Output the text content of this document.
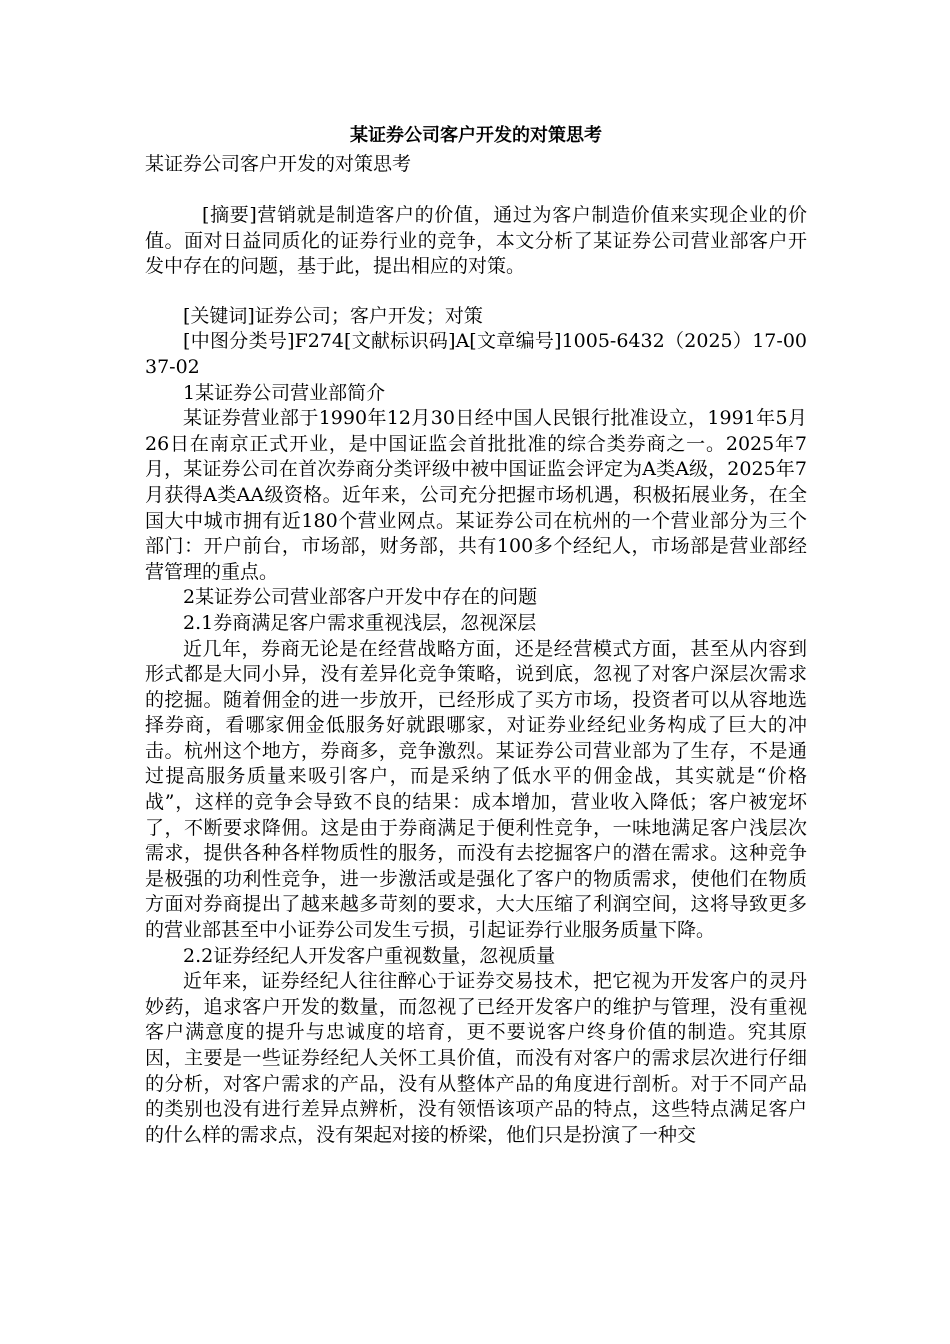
某证券公司客户开发的对策思考

某证券公司客户开发的对策思考

[摘要]营销就是制造客户的价值，通过为客户制造价值来实现企业的价值。面对日益同质化的证券行业的竞争，本文分析了某证券公司营业部客户开发中存在的问题，基于此，提出相应的对策。

[关键词]证券公司；客户开发；对策

[中图分类号]F274[文献标识码]A[文章编号]1005-6432（2025）17-0037-02

1某证券公司营业部简介

某证券营业部于1990年12月30日经中国人民银行批准设立，1991年5月26日在南京正式开业，是中国证监会首批批准的综合类券商之一。2025年7月，某证券公司在首次券商分类评级中被中国证监会评定为A类A级，2025年7月获得A类AA级资格。近年来，公司充分把握市场机遇，积极拓展业务，在全国大中城市拥有近180个营业网点。某证券公司在杭州的一个营业部分为三个部门：开户前台，市场部，财务部，共有100多个经纪人，市场部是营业部经营管理的重点。

2某证券公司营业部客户开发中存在的问题

2.1券商满足客户需求重视浅层，忽视深层

近几年，券商无论是在经营战略方面，还是经营模式方面，甚至从内容到形式都是大同小异，没有差异化竞争策略，说到底，忽视了对客户深层次需求的挖掘。随着佣金的进一步放开，已经形成了买方市场，投资者可以从容地选择券商，看哪家佣金低服务好就跟哪家，对证券业经纪业务构成了巨大的冲击。杭州这个地方，券商多，竞争激烈。某证券公司营业部为了生存，不是通过提高服务质量来吸引客户，而是采纳了低水平的佣金战，其实就是“价格战”，这样的竞争会导致不良的结果：成本增加，营业收入降低；客户被宠坏了，不断要求降佣。这是由于券商满足于便利性竞争，一味地满足客户浅层次需求，提供各种各样物质性的服务，而没有去挖掘客户的潜在需求。这种竞争是极强的功利性竞争，进一步激活或是强化了客户的物质需求，使他们在物质方面对券商提出了越来越多苛刻的要求，大大压缩了利润空间，这将导致更多的营业部甚至中小证券公司发生亏损，引起证券行业服务质量下降。

2.2证券经纪人开发客户重视数量，忽视质量

近年来，证券经纪人往往醉心于证券交易技术，把它视为开发客户的灵丹妙药，追求客户开发的数量，而忽视了已经开发客户的维护与管理，没有重视客户满意度的提升与忠诚度的培育，更不要说客户终身价值的制造。究其原因，主要是一些证券经纪人关怀工具价值，而没有对客户的需求层次进行仔细的分析，对客户需求的产品，没有从整体产品的角度进行剖析。对于不同产品的类别也没有进行差异点辨析，没有领悟该项产品的特点，这些特点满足客户的什么样的需求点，没有架起对接的桥梁，他们只是扮演了一种交
